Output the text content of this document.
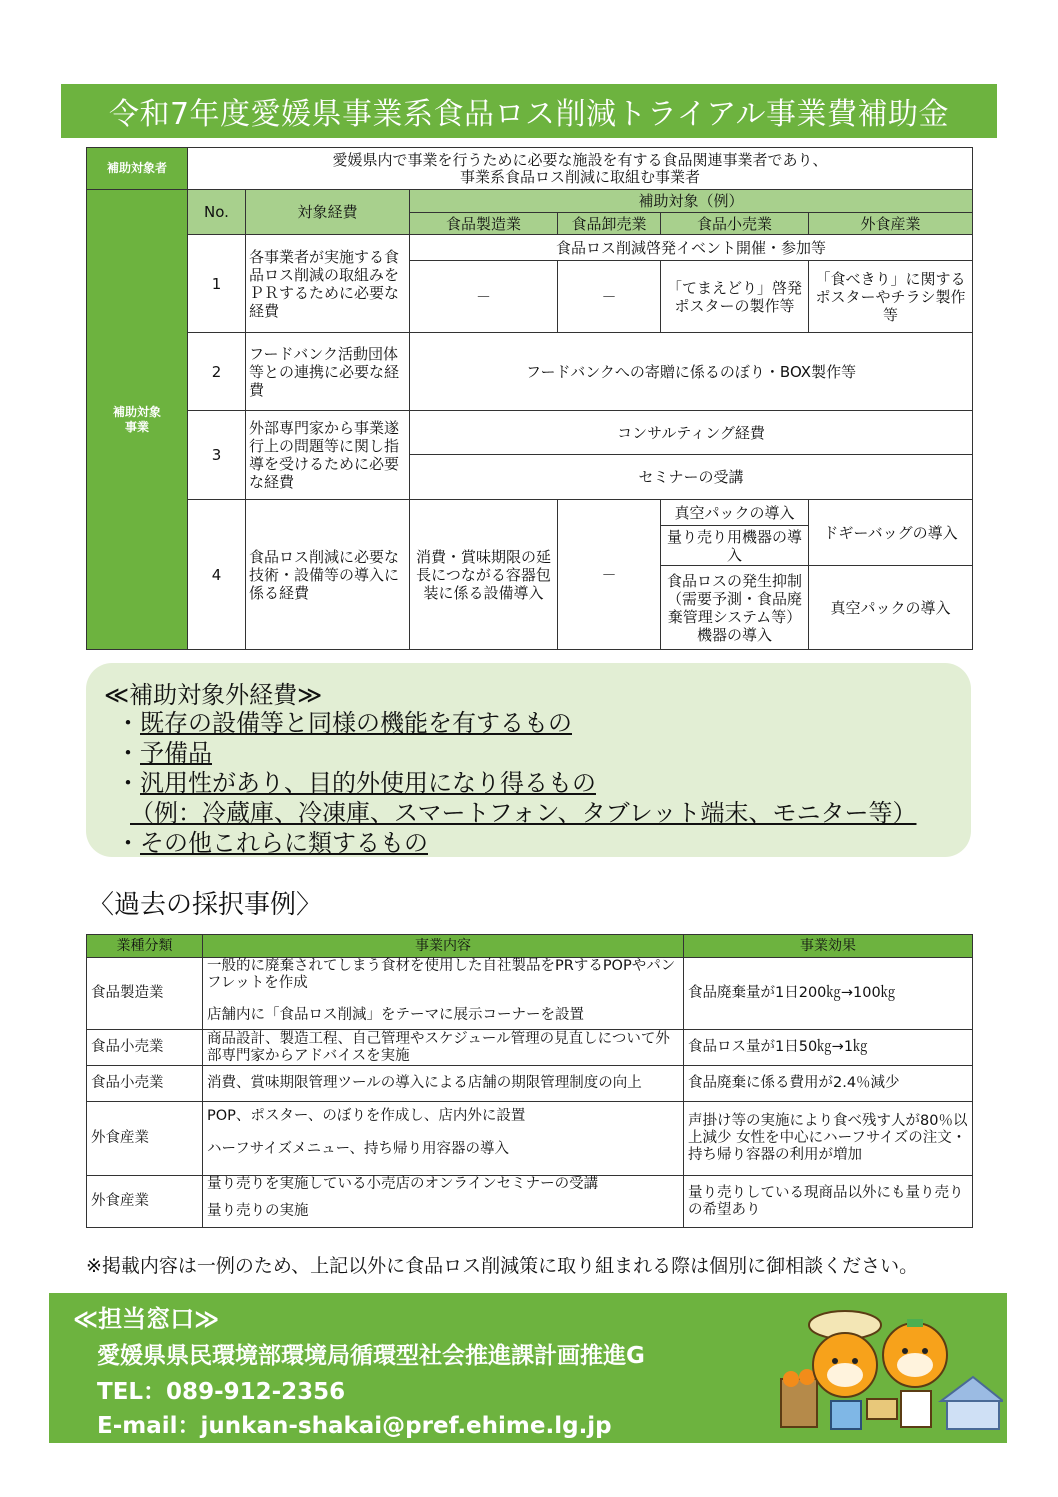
令和7年度愛媛県事業系食品ロス削減トライアル事業費補助金
補助対象者	愛媛県内で事業を行うために必要な施設を有する食品関連事業者であり、
事業系食品ロス削減に取組む事業者					

補助対象
事業	No.	対象経費	補助対象（例）			
			食品製造業	食品卸売業	食品小売業	外食産業
	1	各事業者が実施する食品ロス削減の取組みをＰＲするために必要な経費	食品ロス削減啓発イベント開催・参加等			
			－	－	「てまえどり」啓発ポスターの製作等	「食べきり」に関するポスターやチラシ製作等
	2	フードバンク活動団体等との連携に必要な経費	フードバンクへの寄贈に係るのぼり・BOX製作等			
	3	外部専門家から事業遂行上の問題等に関し指導を受けるために必要な経費	コンサルティング経費			
			セミナーの受講			
	4	食品ロス削減に必要な技術・設備等の導入に係る経費	消費・賞味期限の延長につながる容器包装に係る設備導入	－	真空パックの導入	ドギーバッグの導入
					量り売り用機器の導入	
					食品ロスの発生抑制（需要予測・食品廃棄管理システム等）機器の導入	真空パックの導入
≪補助対象外経費≫
・既存の設備等と同様の機能を有するもの
・予備品
・汎用性があり、目的外使用になり得るもの
（例：冷蔵庫、冷凍庫、スマートフォン、タブレット端末、モニター等）
・その他これらに類するもの
〈過去の採択事例〉
業種分類	事業内容	事業効果
食品製造業	一般的に廃棄されてしまう食材を使用した自社製品をPRするPOPやパンフレットを作成
店舗内に「食品ロス削減」をテーマに展示コーナーを設置	食品廃棄量が1日200㎏→100㎏
食品小売業	商品設計、製造工程、自己管理やスケジュール管理の見直しについて外部専門家からアドバイスを実施	食品ロス量が1日50㎏→1㎏
食品小売業	消費、賞味期限管理ツールの導入による店舗の期限管理制度の向上	食品廃棄に係る費用が2.4％減少
外食産業	POP、ポスター、のぼりを作成し、店内外に設置
ハーフサイズメニュー、持ち帰り用容器の導入	声掛け等の実施により食べ残す人が80％以上減少 女性を中心にハーフサイズの注文・持ち帰り容器の利用が増加
外食産業	量り売りを実施している小売店のオンラインセミナーの受講
量り売りの実施	量り売りしている現商品以外にも量り売りの希望あり
※掲載内容は一例のため、上記以外に食品ロス削減策に取り組まれる際は個別に御相談ください。
≪担当窓口≫
愛媛県県民環境部環境局循環型社会推進課計画推進G
TEL：089-912-2356
E-mail：junkan-shakai@pref.ehime.lg.jp
